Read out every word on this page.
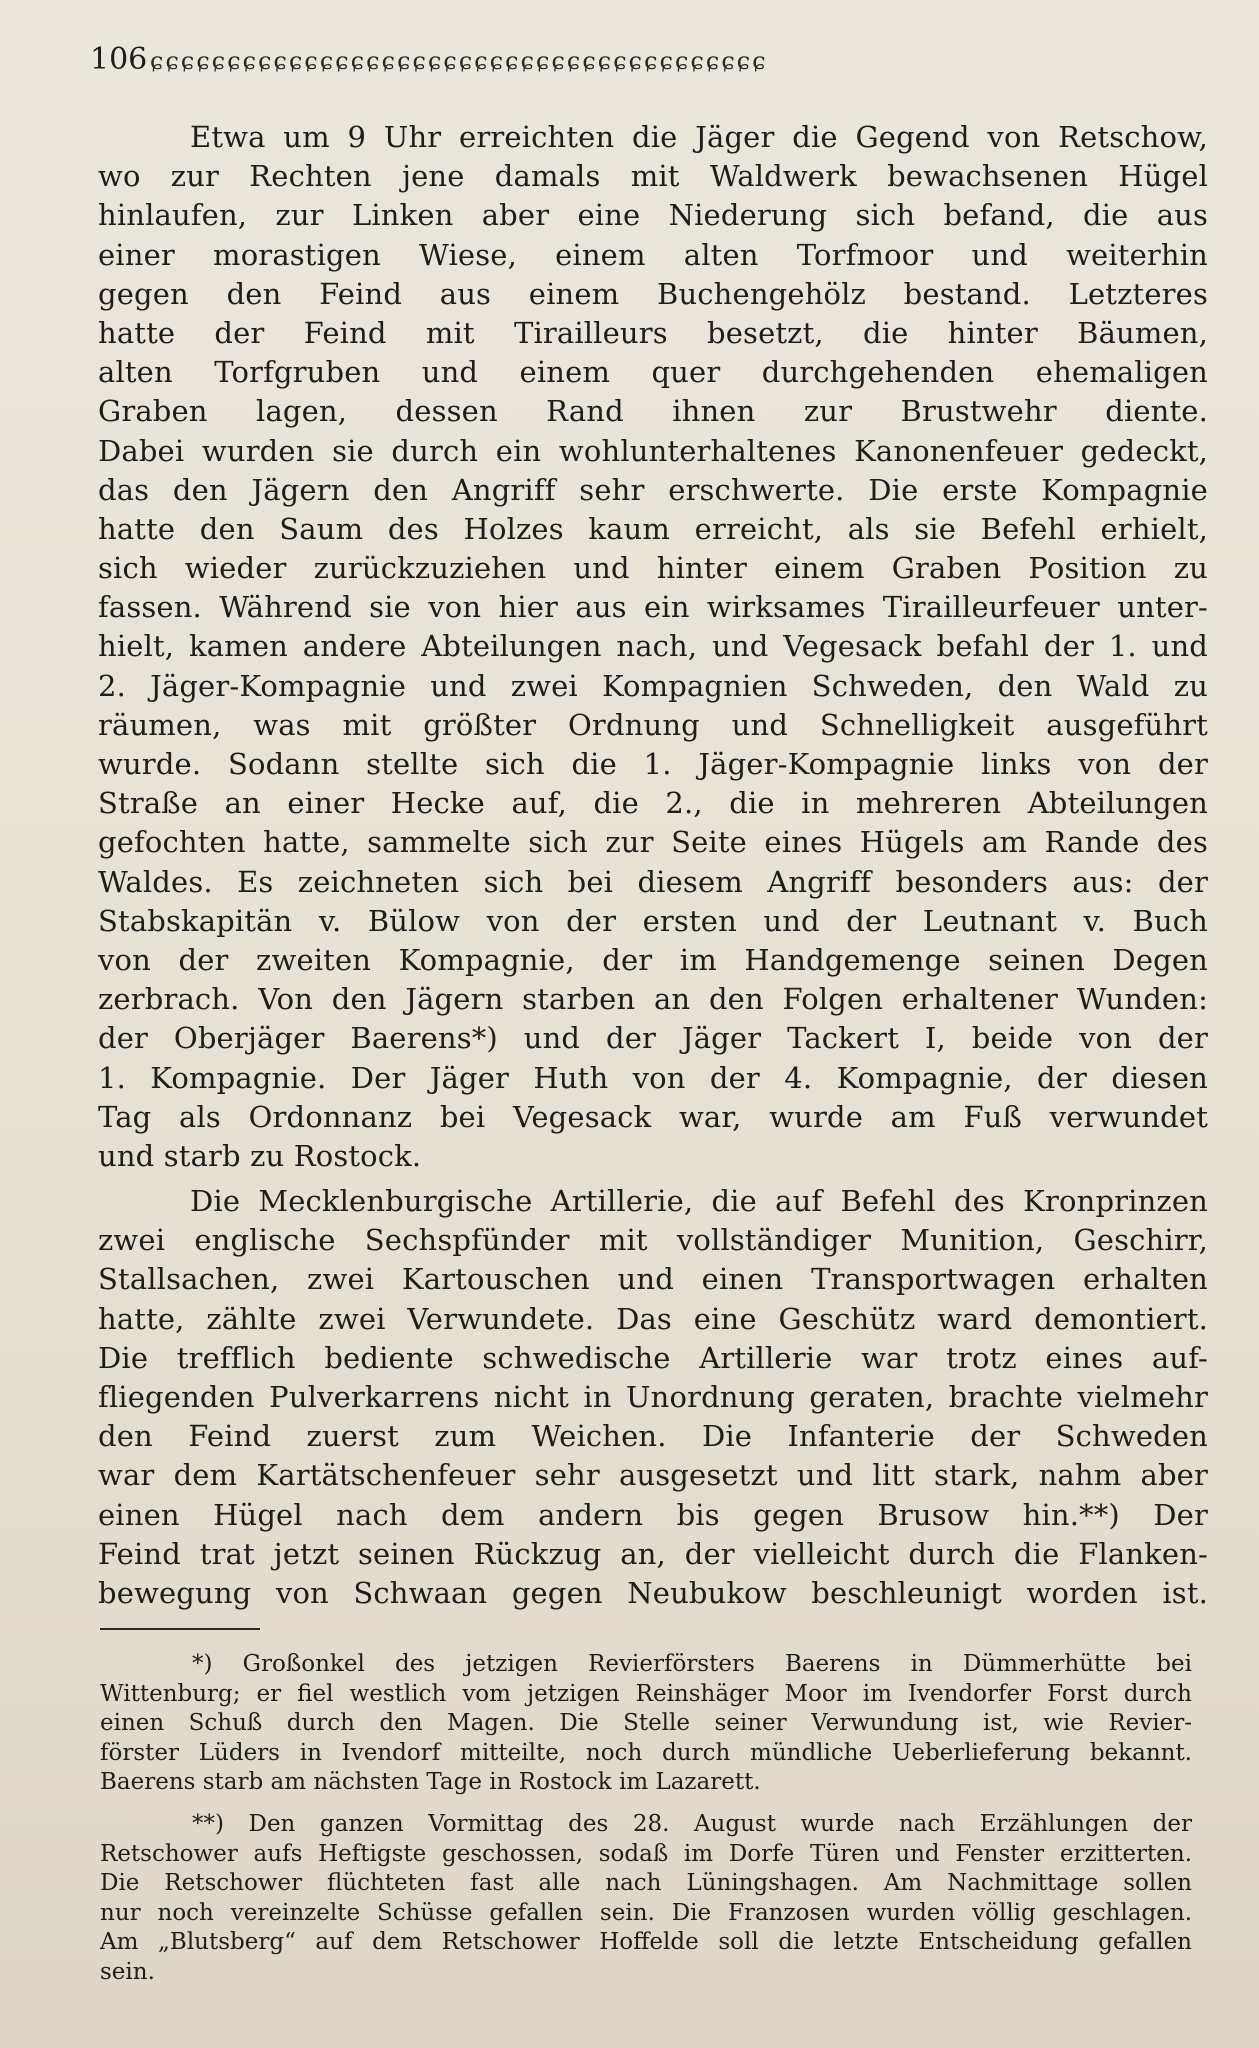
106 ɕɕɕɕɕɕɕɕɕɕɕɕɕɕɕɕɕɕɕɕɕɕɕɕɕɕɕɕɕɕɕɕɕɕɕɕɕɕɕɕ
Etwa um 9 Uhr erreichten die Jäger die Gegend von Retschow,
wo zur Rechten jene damals mit Waldwerk bewachsenen Hügel
hinlaufen, zur Linken aber eine Niederung sich befand, die aus
einer morastigen Wiese, einem alten Torfmoor und weiterhin
gegen den Feind aus einem Buchengehölz bestand. Letzteres
hatte der Feind mit Tirailleurs besetzt, die hinter Bäumen,
alten Torfgruben und einem quer durchgehenden ehemaligen
Graben lagen, dessen Rand ihnen zur Brustwehr diente.
Dabei wurden sie durch ein wohlunterhaltenes Kanonenfeuer gedeckt,
das den Jägern den Angriff sehr erschwerte. Die erste Kompagnie
hatte den Saum des Holzes kaum erreicht, als sie Befehl erhielt,
sich wieder zurückzuziehen und hinter einem Graben Position zu
fassen. Während sie von hier aus ein wirksames Tirailleurfeuer unter-
hielt, kamen andere Abteilungen nach, und Vegesack befahl der 1. und
2. Jäger-Kompagnie und zwei Kompagnien Schweden, den Wald zu
räumen, was mit größter Ordnung und Schnelligkeit ausgeführt
wurde. Sodann stellte sich die 1. Jäger-Kompagnie links von der
Straße an einer Hecke auf, die 2., die in mehreren Abteilungen
gefochten hatte, sammelte sich zur Seite eines Hügels am Rande des
Waldes. Es zeichneten sich bei diesem Angriff besonders aus: der
Stabskapitän v. Bülow von der ersten und der Leutnant v. Buch
von der zweiten Kompagnie, der im Handgemenge seinen Degen
zerbrach. Von den Jägern starben an den Folgen erhaltener Wunden:
der Oberjäger Baerens*) und der Jäger Tackert I, beide von der
1. Kompagnie. Der Jäger Huth von der 4. Kompagnie, der diesen
Tag als Ordonnanz bei Vegesack war, wurde am Fuß verwundet
und starb zu Rostock.
Die Mecklenburgische Artillerie, die auf Befehl des Kronprinzen
zwei englische Sechspfünder mit vollständiger Munition, Geschirr,
Stallsachen, zwei Kartouschen und einen Transportwagen erhalten
hatte, zählte zwei Verwundete. Das eine Geschütz ward demontiert.
Die trefflich bediente schwedische Artillerie war trotz eines auf-
fliegenden Pulverkarrens nicht in Unordnung geraten, brachte vielmehr
den Feind zuerst zum Weichen. Die Infanterie der Schweden
war dem Kartätschenfeuer sehr ausgesetzt und litt stark, nahm aber
einen Hügel nach dem andern bis gegen Brusow hin.**) Der
Feind trat jetzt seinen Rückzug an, der vielleicht durch die Flanken-
bewegung von Schwaan gegen Neubukow beschleunigt worden ist.
*) Großonkel des jetzigen Revierförsters Baerens in Dümmerhütte bei
Wittenburg; er fiel westlich vom jetzigen Reinshäger Moor im Ivendorfer Forst durch
einen Schuß durch den Magen. Die Stelle seiner Verwundung ist, wie Revier-
förster Lüders in Ivendorf mitteilte, noch durch mündliche Ueberlieferung bekannt.
Baerens starb am nächsten Tage in Rostock im Lazarett.
**) Den ganzen Vormittag des 28. August wurde nach Erzählungen der
Retschower aufs Heftigste geschossen, sodaß im Dorfe Türen und Fenster erzitterten.
Die Retschower flüchteten fast alle nach Lüningshagen. Am Nachmittage sollen
nur noch vereinzelte Schüsse gefallen sein. Die Franzosen wurden völlig geschlagen.
Am „Blutsberg“ auf dem Retschower Hoffelde soll die letzte Entscheidung gefallen
sein.
